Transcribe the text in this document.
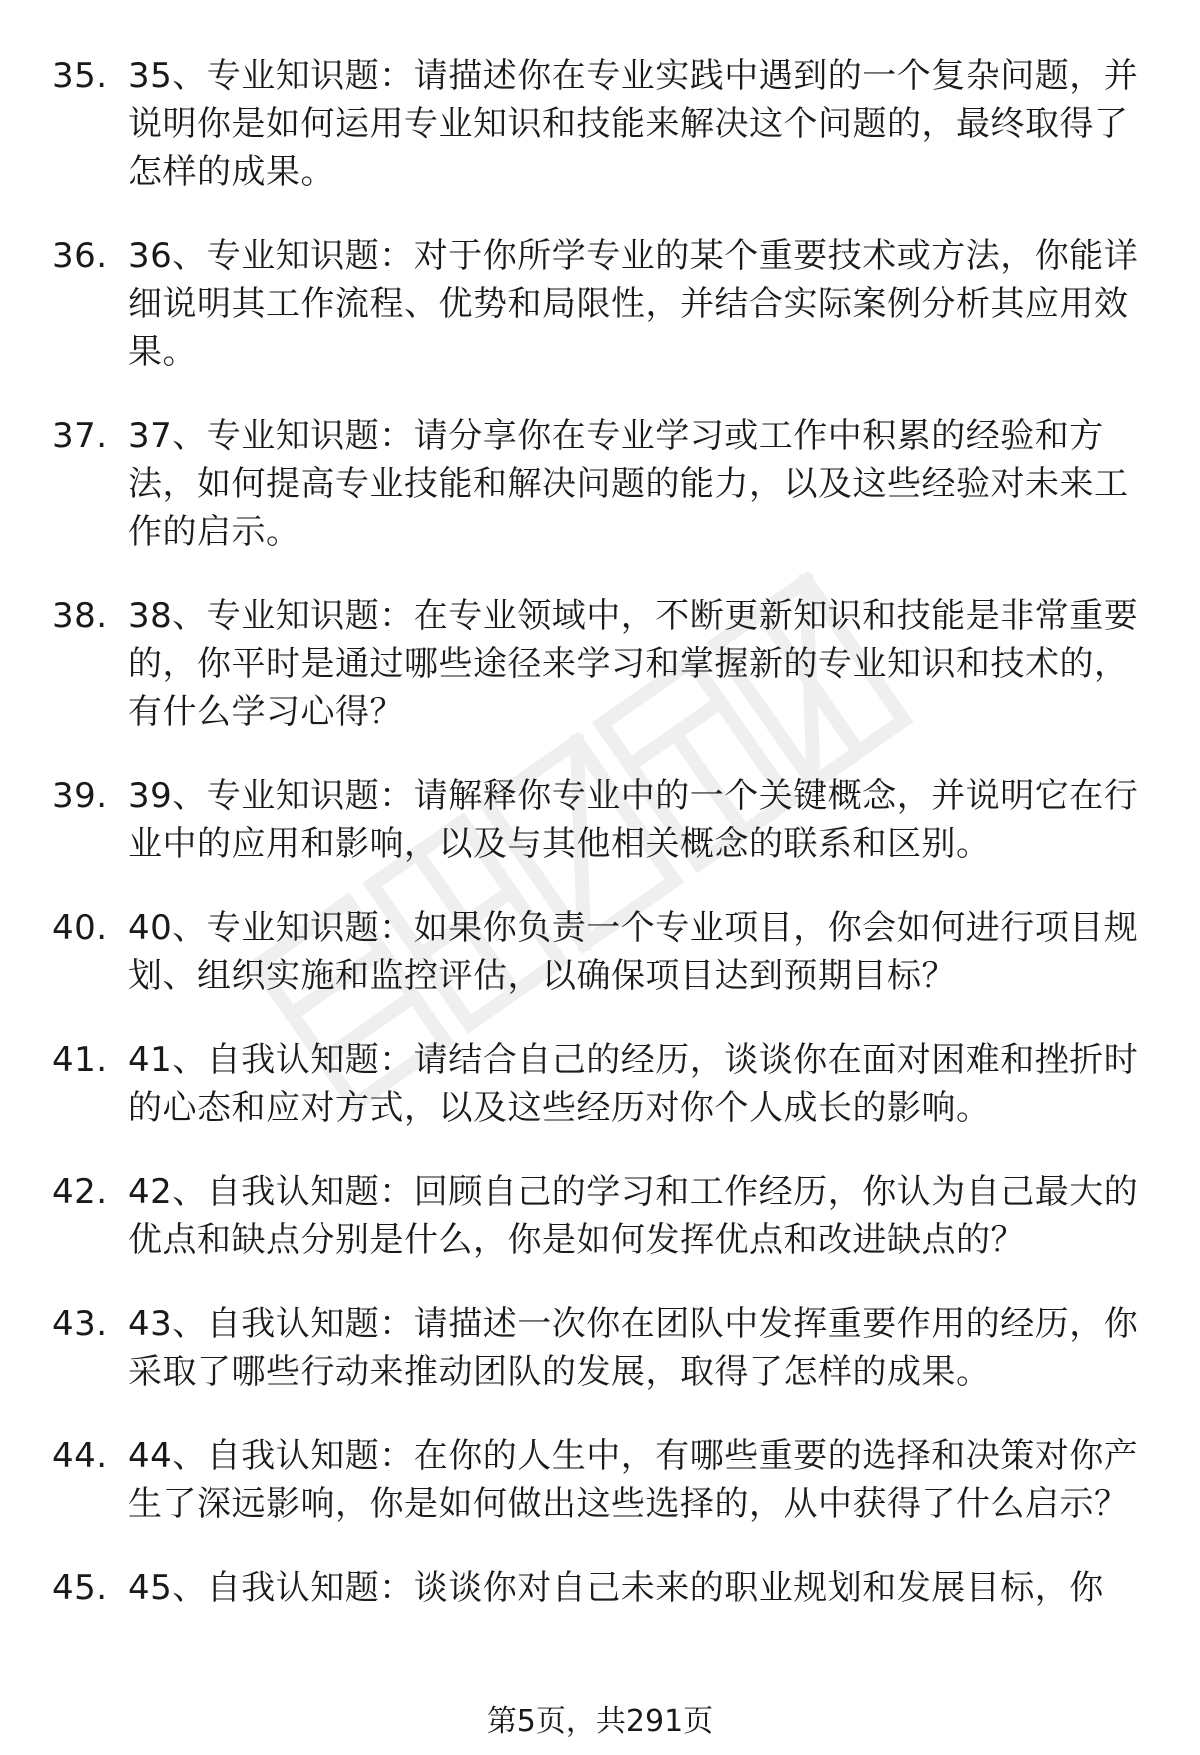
35. 35、专业知识题：请描述你在专业实践中遇到的一个复杂问题，并说明你是如何运用专业知识和技能来解决这个问题的，最终取得了怎样的成果。
36. 36、专业知识题：对于你所学专业的某个重要技术或方法，你能详细说明其工作流程、优势和局限性，并结合实际案例分析其应用效果。
37. 37、专业知识题：请分享你在专业学习或工作中积累的经验和方法，如何提高专业技能和解决问题的能力，以及这些经验对未来工作的启示。
38. 38、专业知识题：在专业领域中，不断更新知识和技能是非常重要的，你平时是通过哪些途径来学习和掌握新的专业知识和技术的，有什么学习心得？
39. 39、专业知识题：请解释你专业中的一个关键概念，并说明它在行业中的应用和影响，以及与其他相关概念的联系和区别。
40. 40、专业知识题：如果你负责一个专业项目，你会如何进行项目规划、组织实施和监控评估，以确保项目达到预期目标？
41. 41、自我认知题：请结合自己的经历，谈谈你在面对困难和挫折时的心态和应对方式，以及这些经历对你个人成长的影响。
42. 42、自我认知题：回顾自己的学习和工作经历，你认为自己最大的优点和缺点分别是什么，你是如何发挥优点和改进缺点的？
43. 43、自我认知题：请描述一次你在团队中发挥重要作用的经历，你采取了哪些行动来推动团队的发展，取得了怎样的成果。
44. 44、自我认知题：在你的人生中，有哪些重要的选择和决策对你产生了深远影响，你是如何做出这些选择的，从中获得了什么启示？
45. 45、自我认知题：谈谈你对自己未来的职业规划和发展目标，你
第5页，共291页
